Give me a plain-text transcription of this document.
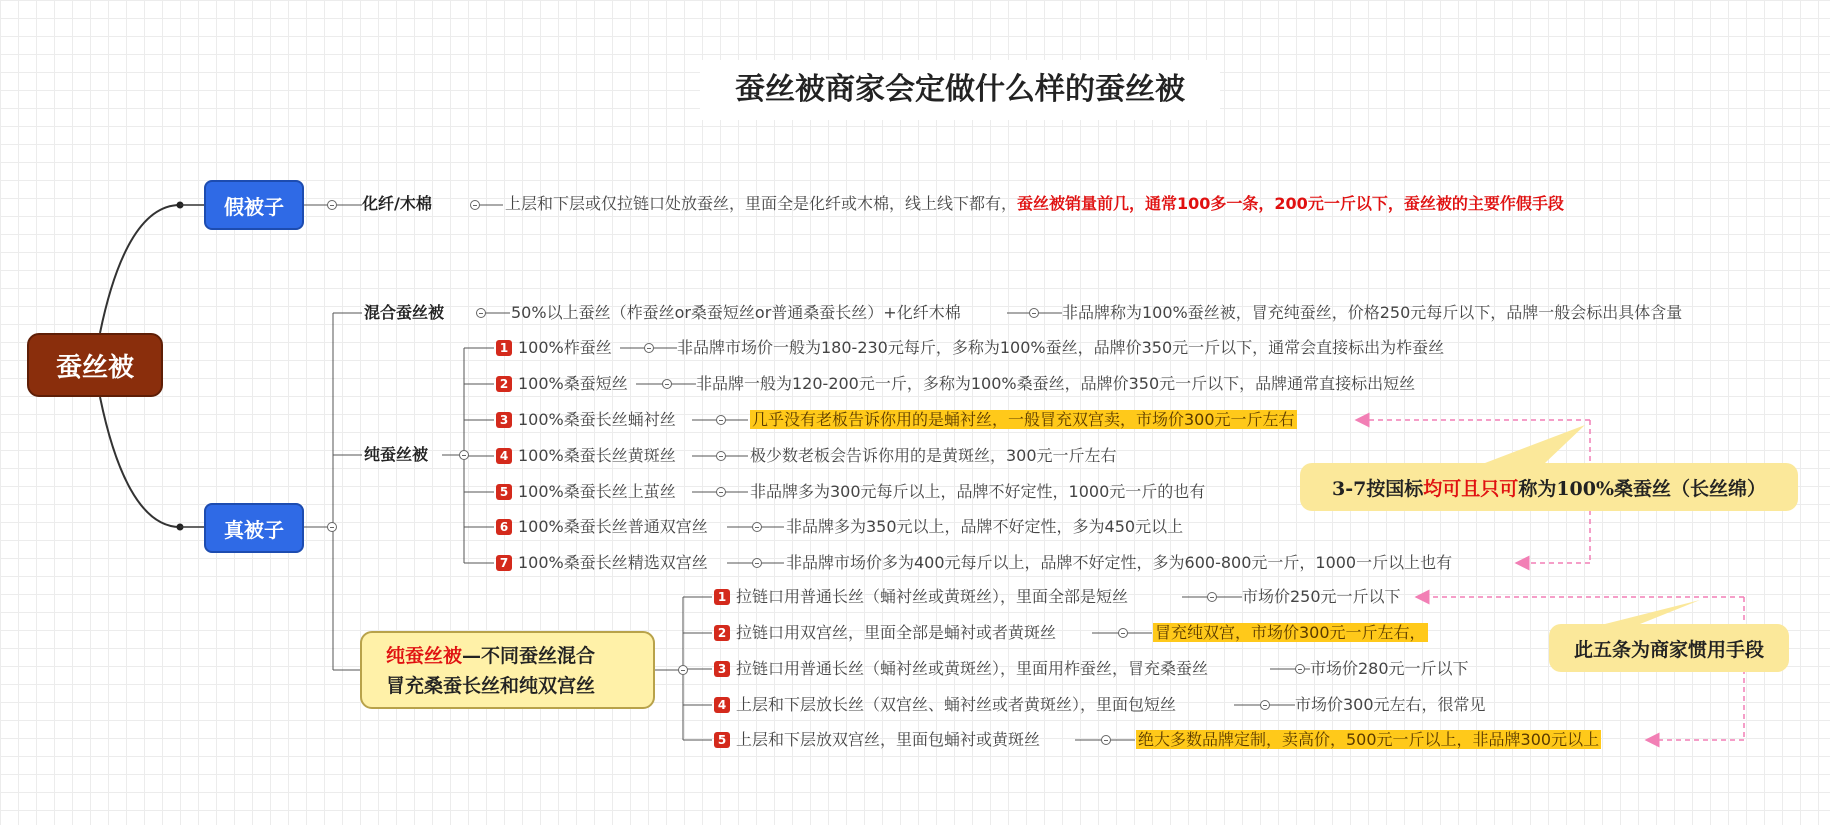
蚕丝被商家会定做什么样的蚕丝被
蚕丝被
假被子
真被子
化纤/木棉	上层和下层或仅拉链口处放蚕丝，里面全是化纤或木棉，线上线下都有，蚕丝被销量前几，通常100多一条，200元一斤以下，蚕丝被的主要作假手段
混合蚕丝被	50%以上蚕丝（柞蚕丝or桑蚕短丝or普通桑蚕长丝）+化纤木棉	非品牌称为100%蚕丝被，冒充纯蚕丝，价格250元每斤以下，品牌一般会标出具体含量
纯蚕丝被
1 100%柞蚕丝	非品牌市场价一般为180-230元每斤，多称为100%蚕丝，品牌价350元一斤以下，通常会直接标出为柞蚕丝
2 100%桑蚕短丝	非品牌一般为120-200元一斤，多称为100%桑蚕丝，品牌价350元一斤以下，品牌通常直接标出短丝
3 100%桑蚕长丝蛹衬丝	几乎没有老板告诉你用的是蛹衬丝，一般冒充双宫卖，市场价300元一斤左右
4 100%桑蚕长丝黄斑丝	极少数老板会告诉你用的是黄斑丝，300元一斤左右
5 100%桑蚕长丝上茧丝	非品牌多为300元每斤以上，品牌不好定性，1000元一斤的也有
6 100%桑蚕长丝普通双宫丝	非品牌多为350元以上，品牌不好定性，多为450元以上
7 100%桑蚕长丝精选双宫丝	非品牌市场价多为400元每斤以上，品牌不好定性，多为600-800元一斤，1000一斤以上也有
纯蚕丝被—不同蚕丝混合
冒充桑蚕长丝和纯双宫丝
1 拉链口用普通长丝（蛹衬丝或黄斑丝），里面全部是短丝	市场价250元一斤以下
2 拉链口用双宫丝，里面全部是蛹衬或者黄斑丝	冒充纯双宫，市场价300元一斤左右，
3 拉链口用普通长丝（蛹衬丝或黄斑丝），里面用柞蚕丝，冒充桑蚕丝	市场价280元一斤以下
4 上层和下层放长丝（双宫丝、蛹衬丝或者黄斑丝），里面包短丝	市场价300元左右，很常见
5 上层和下层放双宫丝，里面包蛹衬或黄斑丝	绝大多数品牌定制，卖高价，500元一斤以上，非品牌300元以上
3-7按国标 均可且只可 称为100%桑蚕丝（长丝绵）
此五条为商家惯用手段
